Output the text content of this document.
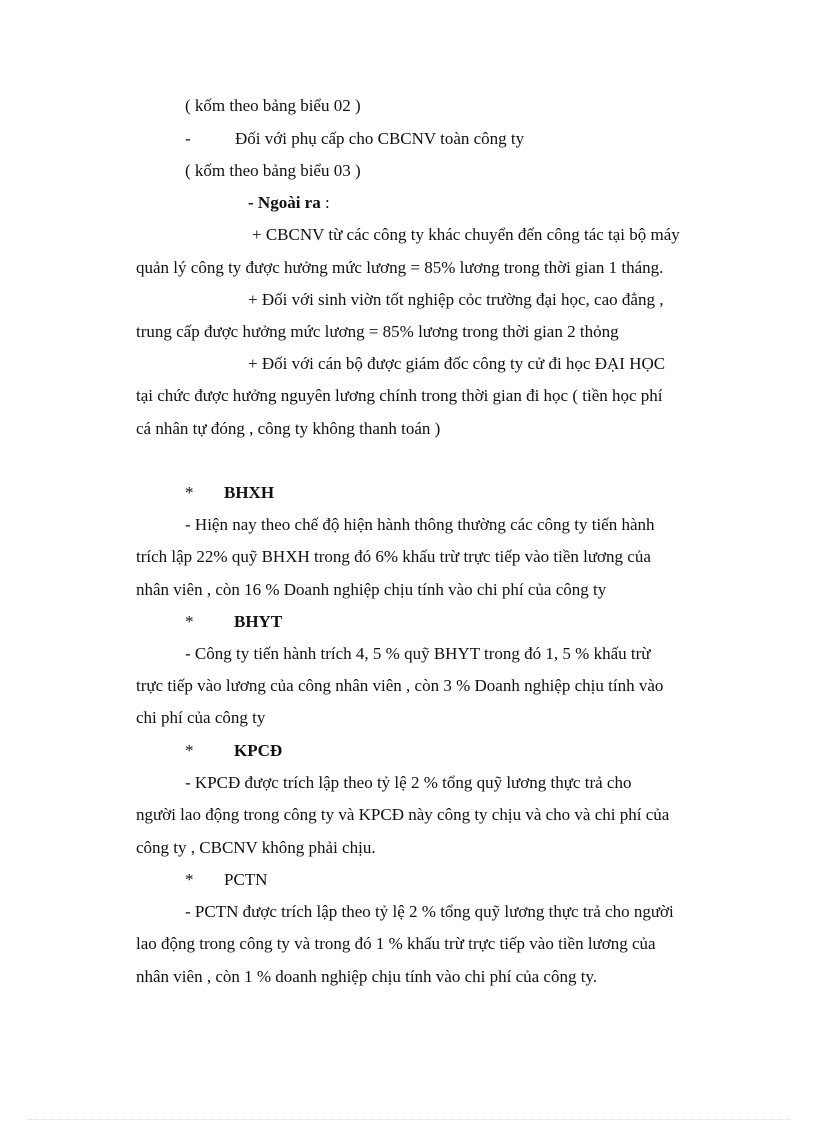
( kốm theo bảng biểu 02 )
-	Đối với phụ cấp cho CBCNV toàn công ty
( kốm theo bảng biểu 03 )
- Ngoài ra :
+ CBCNV từ các công ty khác chuyển đến công tác tại bộ máy
quản lý công ty được hưởng mức lương = 85% lương trong thời gian 1 tháng.
+ Đối với sinh viờn tốt nghiệp cỏc trường đại học, cao đẳng ,
trung cấp được hưởng mức lương = 85% lương trong thời gian 2 thỏng
+ Đối với cán bộ được giám đốc công ty cử đi học ĐẠI HỌC
tại chức được hưởng nguyên lương chính trong thời gian đi học ( tiền học phí
cá nhân tự đóng , công ty không thanh toán )
* BHXH
- Hiện nay theo chế độ hiện hành thông thường các công ty tiến hành
trích lập 22% quỹ BHXH trong đó 6% khấu trừ trực tiếp vào tiền lương của
nhân viên , còn 16 % Doanh nghiệp chịu tính vào chi phí của công ty
* BHYT
- Công ty tiến hành trích 4, 5 % quỹ BHYT trong đó 1, 5 % khấu trừ
trực tiếp vào lương của công nhân viên , còn 3 % Doanh nghiệp chịu tính vào
chi phí của công ty
* KPCĐ
- KPCĐ được trích lập theo tỷ lệ 2 % tổng quỹ lương thực trả cho
người lao động trong công ty và KPCĐ này công ty chịu và cho và chi phí của
công ty , CBCNV không phải chịu.
* PCTN
- PCTN được trích lập theo tỷ lệ 2 % tổng quỹ lương thực trả cho người
lao động trong công ty và trong đó 1 % khấu trừ trực tiếp vào tiền lương của
nhân viên , còn 1 % doanh nghiệp chịu tính vào chi phí của công ty.
